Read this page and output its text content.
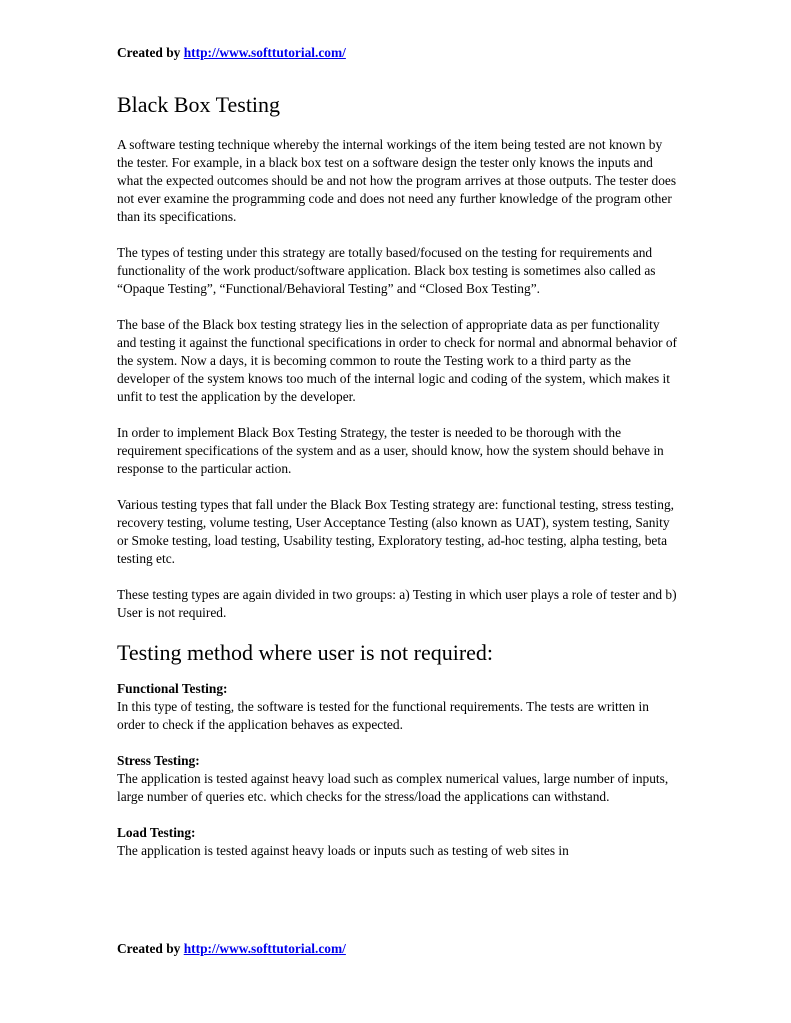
Created by http://www.softtutorial.com/
Black Box Testing

A software testing technique whereby the internal workings of the item being tested are not known by the tester. For example, in a black box test on a software design the tester only knows the inputs and what the expected outcomes should be and not how the program arrives at those outputs. The tester does not ever examine the programming code and does not need any further knowledge of the program other than its specifications.

The types of testing under this strategy are totally based/focused on the testing for requirements and functionality of the work product/software application. Black box testing is sometimes also called as “Opaque Testing”, “Functional/Behavioral Testing” and “Closed Box Testing”.

The base of the Black box testing strategy lies in the selection of appropriate data as per functionality and testing it against the functional specifications in order to check for normal and abnormal behavior of the system. Now a days, it is becoming common to route the Testing work to a third party as the developer of the system knows too much of the internal logic and coding of the system, which makes it unfit to test the application by the developer.

In order to implement Black Box Testing Strategy, the tester is needed to be thorough with the requirement specifications of the system and as a user, should know, how the system should behave in response to the particular action.

Various testing types that fall under the Black Box Testing strategy are: functional testing, stress testing, recovery testing, volume testing, User Acceptance Testing (also known as UAT), system testing, Sanity or Smoke testing, load testing, Usability testing, Exploratory testing, ad-hoc testing, alpha testing, beta testing etc.

These testing types are again divided in two groups: a) Testing in which user plays a role of tester and b) User is not required.

Testing method where user is not required:

Functional Testing:
In this type of testing, the software is tested for the functional requirements. The tests are written in order to check if the application behaves as expected.

Stress Testing:
The application is tested against heavy load such as complex numerical values, large number of inputs, large number of queries etc. which checks for the stress/load the applications can withstand.

Load Testing:
The application is tested against heavy loads or inputs such as testing of web sites in

Created by http://www.softtutorial.com/
